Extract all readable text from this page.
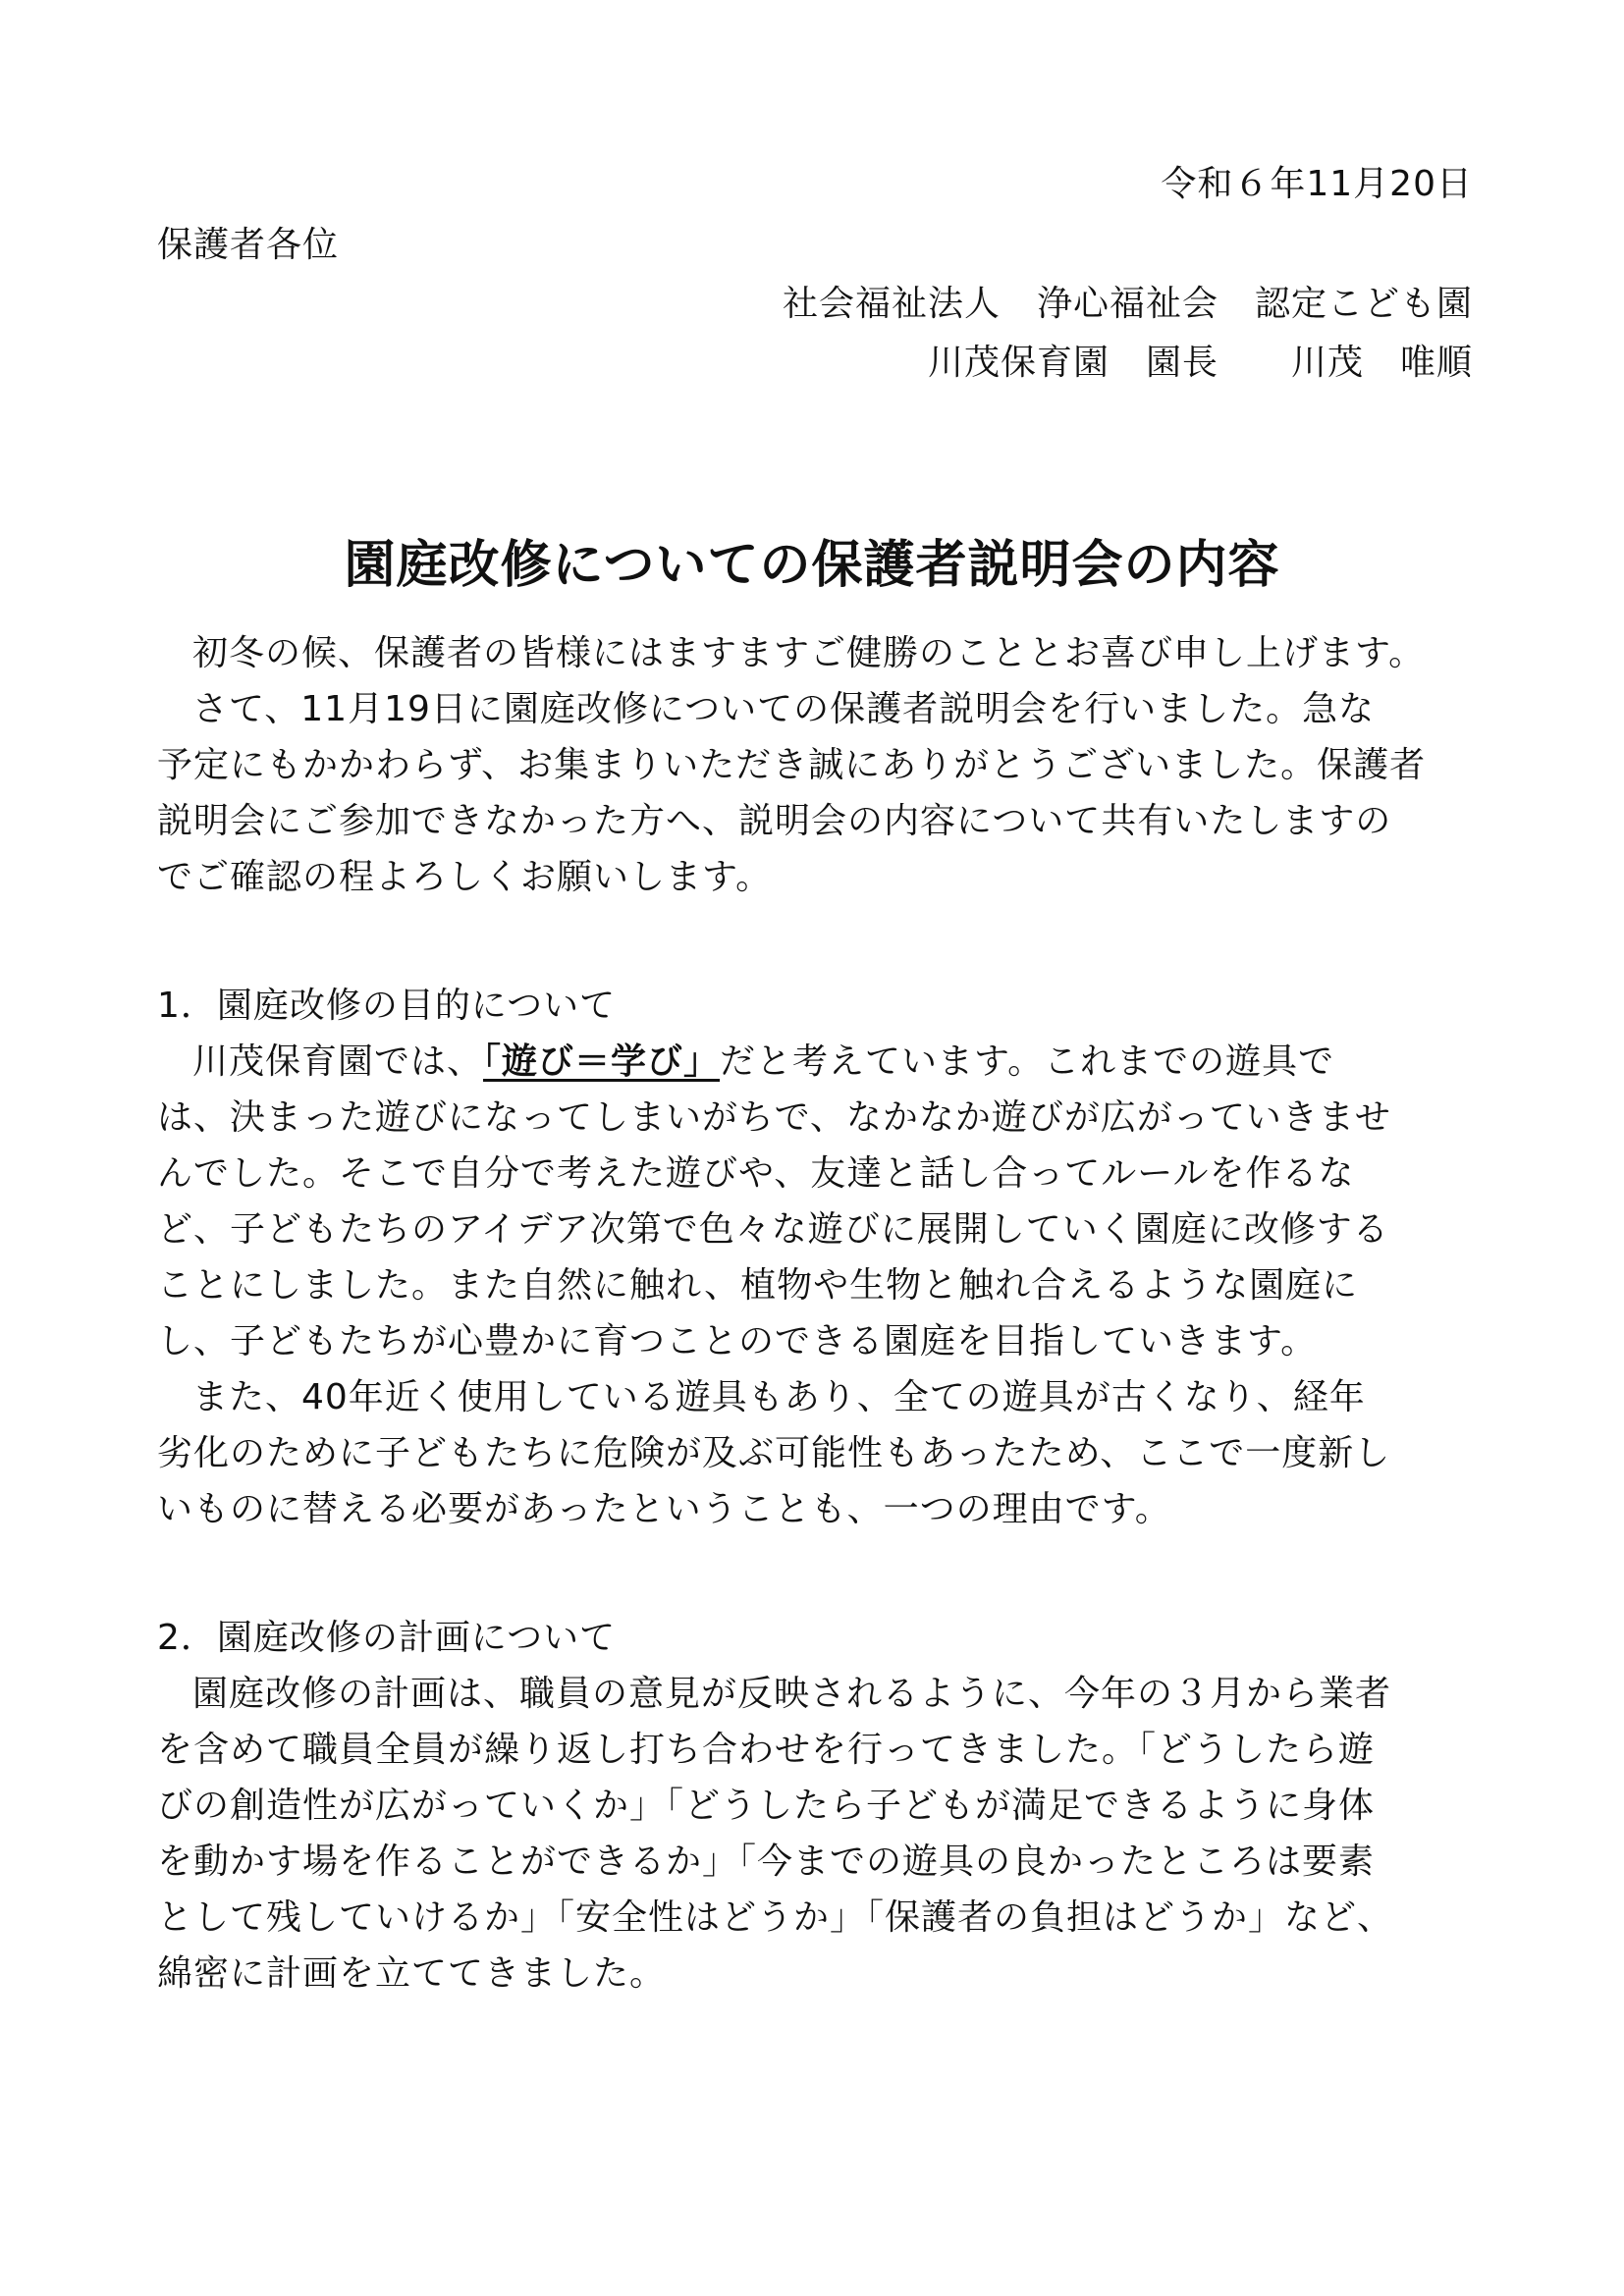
令和６年11月20日
保護者各位
社会福祉法人　浄心福祉会　認定こども園
川茂保育園　園長　　川茂　唯順
園庭改修についての保護者説明会の内容
初冬の候、保護者の皆様にはますますご健勝のこととお喜び申し上げます。
さて、11月19日に園庭改修についての保護者説明会を行いました。急な
予定にもかかわらず、お集まりいただき誠にありがとうございました。保護者
説明会にご参加できなかった方へ、説明会の内容について共有いたしますの
でご確認の程よろしくお願いします。
1．園庭改修の目的について
川茂保育園では、「遊び＝学び」だと考えています。これまでの遊具で
は、決まった遊びになってしまいがちで、なかなか遊びが広がっていきませ
んでした。そこで自分で考えた遊びや、友達と話し合ってルールを作るな
ど、子どもたちのアイデア次第で色々な遊びに展開していく園庭に改修する
ことにしました。また自然に触れ、植物や生物と触れ合えるような園庭に
し、子どもたちが心豊かに育つことのできる園庭を目指していきます。
また、40年近く使用している遊具もあり、全ての遊具が古くなり、経年
劣化のために子どもたちに危険が及ぶ可能性もあったため、ここで一度新し
いものに替える必要があったということも、一つの理由です。
2．園庭改修の計画について
園庭改修の計画は、職員の意見が反映されるように、今年の３月から業者
を含めて職員全員が繰り返し打ち合わせを行ってきました。「どうしたら遊
びの創造性が広がっていくか」「どうしたら子どもが満足できるように身体
を動かす場を作ることができるか」「今までの遊具の良かったところは要素
として残していけるか」「安全性はどうか」「保護者の負担はどうか」など、
綿密に計画を立ててきました。
